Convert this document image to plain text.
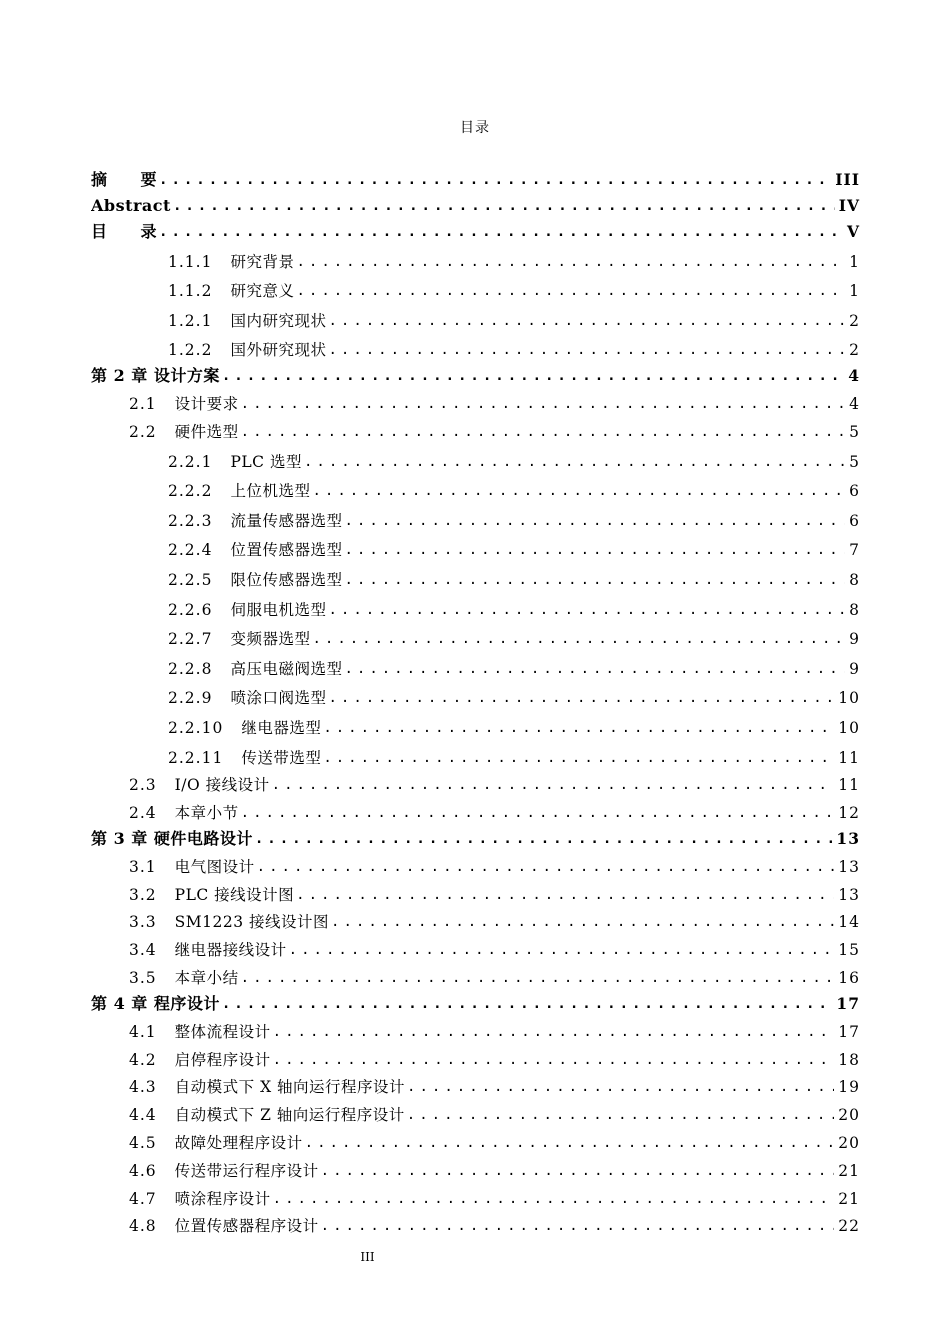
目录
摘　　要 .....	III
Abstract .....	IV
目　　录 .....	V
1.1.1 研究背景 .....	1
1.1.2 研究意义 .....	1
1.2.1 国内研究现状 .....	2
1.2.2 国外研究现状 .....	2
第 2 章 设计方案 .....	4
2.1 设计要求 .....	4
2.2 硬件选型 .....	5
2.2.1 PLC 选型 .....	5
2.2.2 上位机选型 .....	6
2.2.3 流量传感器选型 .....	6
2.2.4 位置传感器选型 .....	7
2.2.5 限位传感器选型 .....	8
2.2.6 伺服电机选型 .....	8
2.2.7 变频器选型 .....	9
2.2.8 高压电磁阀选型 .....	9
2.2.9 喷涂口阀选型 .....	10
2.2.10 继电器选型 .....	10
2.2.11 传送带选型 .....	11
2.3 I/O 接线设计 .....	11
2.4 本章小节 .....	12
第 3 章 硬件电路设计 .....	13
3.1 电气图设计 .....	13
3.2 PLC 接线设计图 .....	13
3.3 SM1223 接线设计图 .....	14
3.4 继电器接线设计 .....	15
3.5 本章小结 .....	16
第 4 章 程序设计 .....	17
4.1 整体流程设计 .....	17
4.2 启停程序设计 .....	18
4.3 自动模式下 X 轴向运行程序设计 .....	19
4.4 自动模式下 Z 轴向运行程序设计 .....	20
4.5 故障处理程序设计 .....	20
4.6 传送带运行程序设计 .....	21
4.7 喷涂程序设计 .....	21
4.8 位置传感器程序设计 .....	22
III
